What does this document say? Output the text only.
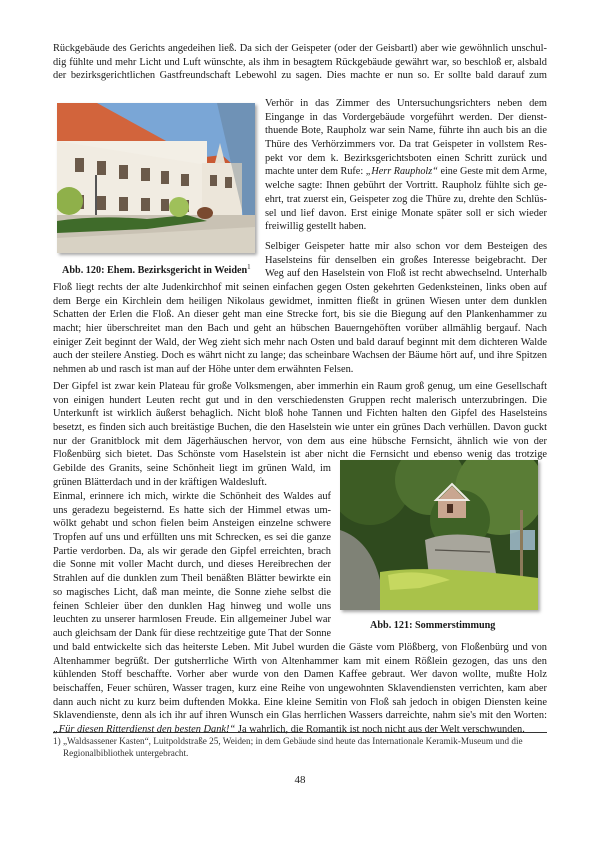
Rückgebäude des Gerichts angedeihen ließ. Da sich der Geispeter (oder der Geisbartl) aber wie gewöhnlich unschul-
dig fühlte und mehr Licht und Luft wünschte, als ihm in besagtem Rückgebäude gewährt war, so beschloß er, alsbald
der bezirksgerichtlichen Gastfreundschaft Lebewohl zu sagen. Dies machte er nun so. Er sollte bald darauf zum
Abb. 120: Ehem. Bezirksgericht in Weiden$^1$
Verhör in das Zimmer des Untersuchungsrichters neben dem
Eingange in das Vordergebäude vorgeführt werden. Der dienst-
thuende Bote, Raupholz war sein Name, führte ihn auch bis an die
Thüre des Verhörzimmers vor. Da trat Geispeter in vollstem Res-
pekt vor dem k. Bezirksgerichtsboten einen Schritt zurück und
machte unter dem Rufe: „Herr Raupholz“ eine Geste mit dem Arme,
welche sagte: Ihnen gebührt der Vortritt. Raupholz fühlte sich ge-
ehrt, trat zuerst ein, Geispeter zog die Thüre zu, drehte den Schlüs-
sel und lief davon. Erst einige Monate später soll er sich wieder
freiwillig gestellt haben.
Selbiger Geispeter hatte mir also schon vor dem Besteigen des
Haselsteins für denselben ein großes Interesse beigebracht. Der
Weg auf den Haselstein von Floß ist recht abwechselnd. Unterhalb
Floß liegt rechts der alte Judenkirchhof mit seinen einfachen gegen Osten gekehrten Gedenksteinen, links oben auf
dem Berge ein Kirchlein dem heiligen Nikolaus gewidmet, inmitten fließt in grünen Wiesen unter dem dunklen
Schatten der Erlen die Floß. An dieser geht man eine Strecke fort, bis sie die Biegung auf den Plankenhammer zu
macht; hier überschreitet man den Bach und geht an hübschen Bauerngehöften vorüber allmählig bergauf. Nach
einiger Zeit beginnt der Wald, der Weg zieht sich mehr nach Osten und bald darauf beginnt mit dem dichteren Walde
auch der steilere Anstieg. Doch es währt nicht zu lange; das scheinbare Wachsen der Bäume hört auf, und ihre Spitzen
nehmen ab und rasch ist man auf der Höhe unter dem erwähnten Felsen.
Der Gipfel ist zwar kein Plateau für große Volksmengen, aber immerhin ein Raum groß genug, um eine Gesellschaft
von einigen hundert Leuten recht gut und in den verschiedensten Gruppen recht malerisch unterzubringen. Die
Unterkunft ist wirklich äußerst behaglich. Nicht bloß hohe Tannen und Fichten halten den Gipfel des Haselsteins
besetzt, es finden sich auch breitästige Buchen, die den Haselstein wie unter ein grünes Dach verhüllen. Davon guckt
nur der Granitblock mit dem Jägerhäuschen hervor, von dem aus eine hübsche Fernsicht, ähnlich wie von der
Floßenbürg sich bietet. Das Schönste vom Haselstein ist aber nicht die Fernsicht und ebenso wenig das trotzige
Gebilde des Granits, seine Schönheit liegt im grünen Wald, im
grünen Blätterdach und in der kräftigen Waldesluft.
Abb. 121: Sommerstimmung
Einmal, erinnere ich mich, wirkte die Schönheit des Waldes auf
uns geradezu begeisternd. Es hatte sich der Himmel etwas um-
wölkt gehabt und schon fielen beim Ansteigen einzelne schwere
Tropfen auf uns und erfüllten uns mit Schrecken, es sei die ganze
Partie verdorben. Da, als wir gerade den Gipfel erreichten, brach
die Sonne mit voller Macht durch, und dieses Hereibrechen der
Strahlen auf die dunklen zum Theil benäßten Blätter bewirkte ein
so magisches Licht, daß man meinte, die Sonne ziehe selbst die
feinen Schleier über den dunklen Hag hinweg und wolle uns
leuchten zu unserer harmlosen Freude. Ein allgemeiner Jubel war
auch gleichsam der Dank für diese rechtzeitige gute That der Sonne
und bald entwickelte sich das heiterste Leben. Mit Jubel wurden die Gäste vom Plößberg, von Floßenbürg und von
Altenhammer begrüßt. Der gutsherrliche Wirth von Altenhammer kam mit einem Rößlein gezogen, das uns den
kühlenden Stoff beschaffte. Vorher aber wurde von den Damen Kaffee gebraut. Wer davon wollte, mußte Holz
beischaffen, Feuer schüren, Wasser tragen, kurz eine Reihe von ungewohnten Sklavendiensten verrichten, kam aber
dann auch nicht zu kurz beim duftenden Mokka. Eine kleine Semitin von Floß sah jedoch in obigen Diensten keine
Sklavendienste, denn als ich ihr auf ihren Wunsch ein Glas herrlichen Wassers darreichte, nahm sie's mit den Worten:
„Für diesen Ritterdienst den besten Dank!“ Ja wahrlich, die Romantik ist noch nicht aus der Welt verschwunden.
1) „Waldsassener Kasten“, Luitpoldstraße 25, Weiden; in dem Gebäude sind heute das Internationale Keramik-Museum und die
Regionalbibliothek untergebracht.
48
